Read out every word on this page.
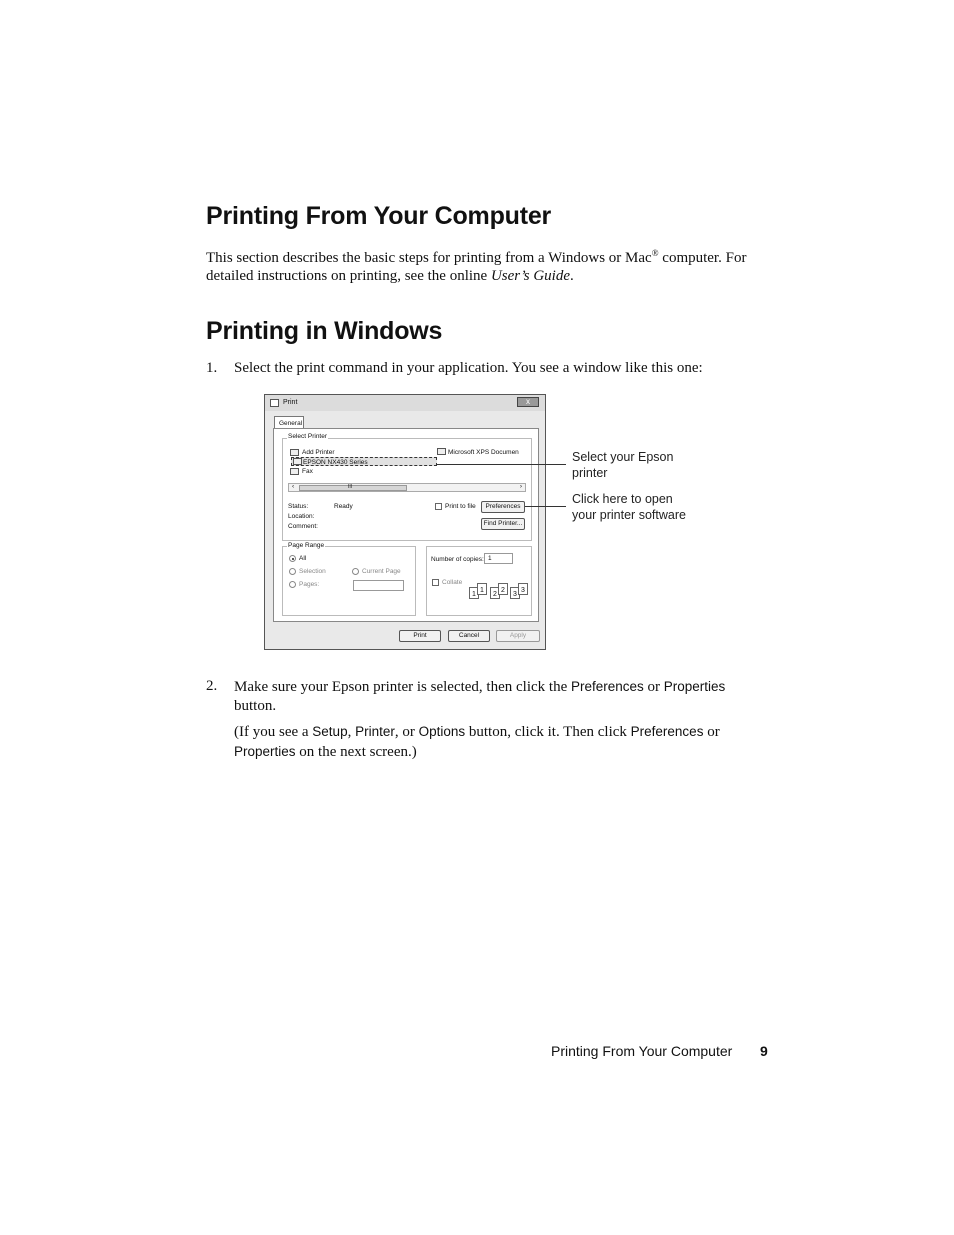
Printing From Your Computer

This section describes the basic steps for printing from a Windows or Mac® computer. For detailed instructions on printing, see the online User’s Guide.

Printing in Windows
1. Select the print command in your application. You see a window like this one:

Print	x
General
Select Printer
Add Printer	Microsoft XPS Documen
EPSON NX430 Series
Fax
‹	III	›
Status:	Ready
Location:
Comment:
Print to file	Preferences
Find Printer...
Page Range
All
Selection	Current Page
Pages:
Number of copies: 1
Collate
1
1
2
2
3
3
Print	Cancel	Apply
Select your Epson
printer
Click here to open
your printer software
2. Make sure your Epson printer is selected, then click the Preferences or Properties button.

(If you see a Setup, Printer, or Options button, click it. Then click Preferences or Properties on the next screen.)

Printing From Your Computer 9
